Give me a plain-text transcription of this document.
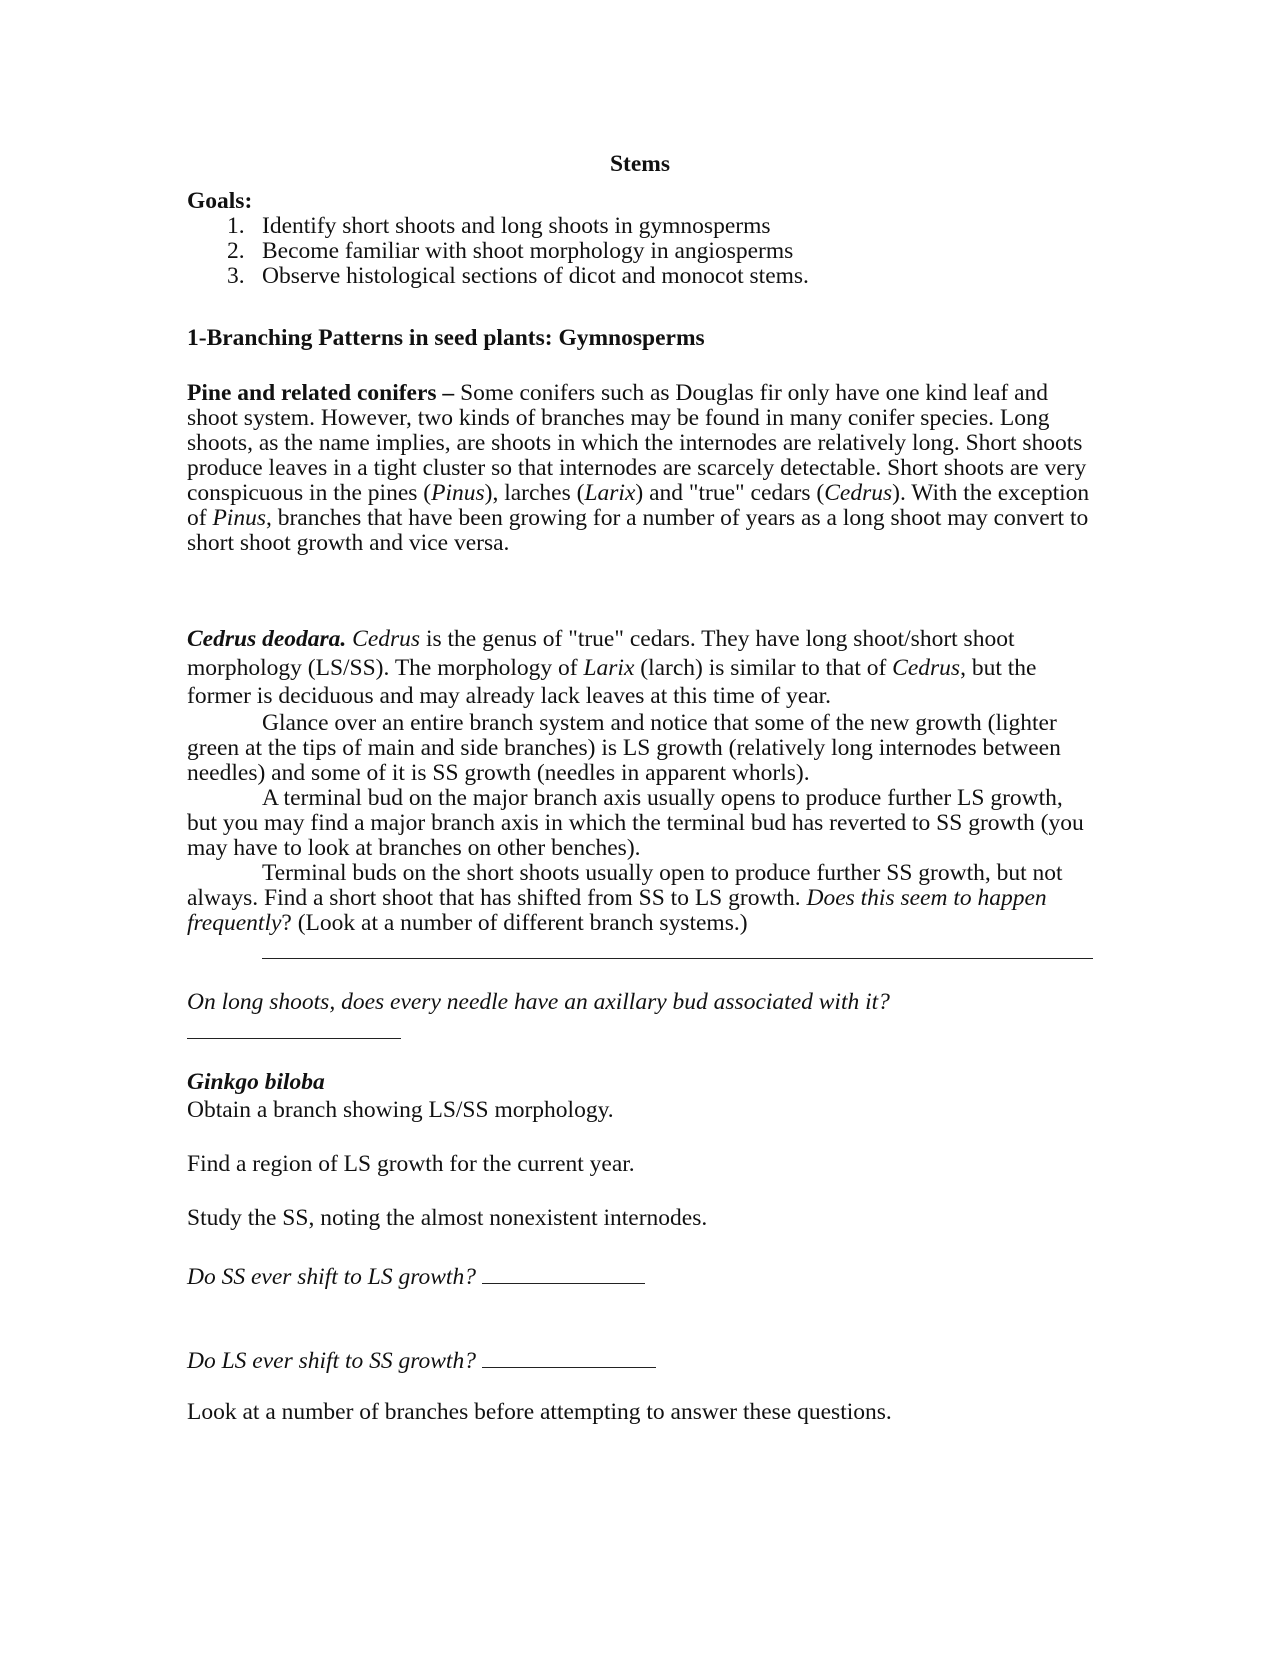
Stems
Goals:
1. Identify short shoots and long shoots in gymnosperms
2. Become familiar with shoot morphology in angiosperms
3. Observe histological sections of dicot and monocot stems.
1-Branching Patterns in seed plants: Gymnosperms

Pine and related conifers – Some conifers such as Douglas fir only have one kind leaf and shoot system. However, two kinds of branches may be found in many conifer species. Long shoots, as the name implies, are shoots in which the internodes are relatively long. Short shoots produce leaves in a tight cluster so that internodes are scarcely detectable. Short shoots are very conspicuous in the pines (Pinus), larches (Larix) and "true" cedars (Cedrus). With the exception of Pinus, branches that have been growing for a number of years as a long shoot may convert to short shoot growth and vice versa.

Cedrus deodara. Cedrus is the genus of "true" cedars. They have long shoot/short shoot morphology (LS/SS). The morphology of Larix (larch) is similar to that of Cedrus, but the former is deciduous and may already lack leaves at this time of year.

Glance over an entire branch system and notice that some of the new growth (lighter green at the tips of main and side branches) is LS growth (relatively long internodes between needles) and some of it is SS growth (needles in apparent whorls).

A terminal bud on the major branch axis usually opens to produce further LS growth, but you may find a major branch axis in which the terminal bud has reverted to SS growth (you may have to look at branches on other benches).

Terminal buds on the short shoots usually open to produce further SS growth, but not always. Find a short shoot that has shifted from SS to LS growth. Does this seem to happen frequently? (Look at a number of different branch systems.)

On long shoots, does every needle have an axillary bud associated with it?

Ginkgo biloba

Obtain a branch showing LS/SS morphology.

Find a region of LS growth for the current year.

Study the SS, noting the almost nonexistent internodes.

Do SS ever shift to LS growth?

Do LS ever shift to SS growth?

Look at a number of branches before attempting to answer these questions.
